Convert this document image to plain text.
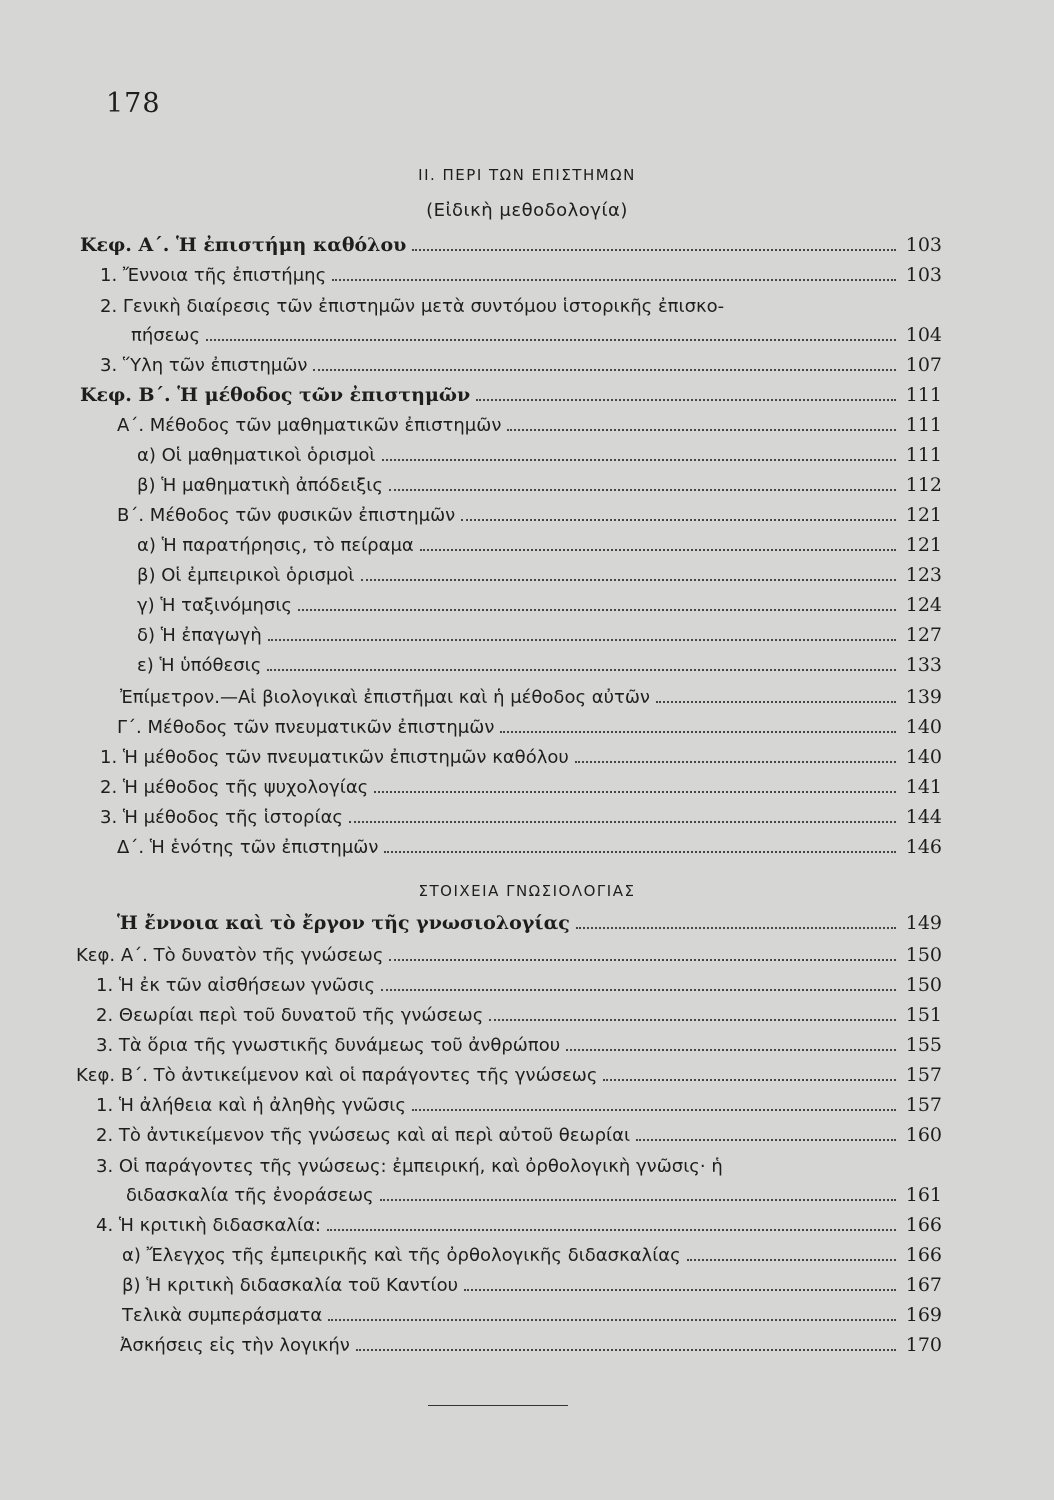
178
ΙΙ. ΠΕΡΙ ΤΩΝ ΕΠΙΣΤΗΜΩΝ
(Εἰδικὴ μεθοδολογία)
Κεφ. Α΄. Ἡ ἐπιστήμη καθόλου	103
1. Ἔννοια τῆς ἐπιστήμης	103
2. Γενικὴ διαίρεσις τῶν ἐπιστημῶν μετὰ συντόμου ἱστορικῆς ἐπισκο-
πήσεως	104
3. Ὕλη τῶν ἐπιστημῶν	107
Κεφ. Β΄. Ἡ μέθοδος τῶν ἐπιστημῶν	111
Α΄. Μέθοδος τῶν μαθηματικῶν ἐπιστημῶν	111
α) Οἱ μαθηματικοὶ ὁρισμοὶ	111
β) Ἡ μαθηματικὴ ἀπόδειξις	112
Β΄. Μέθοδος τῶν φυσικῶν ἐπιστημῶν	121
α) Ἡ παρατήρησις, τὸ πείραμα	121
β) Οἱ ἐμπειρικοὶ ὁρισμοὶ	123
γ) Ἡ ταξινόμησις	124
δ) Ἡ ἐπαγωγὴ	127
ε) Ἡ ὑπόθεσις	133
Ἐπίμετρον.—Αἱ βιολογικαὶ ἐπιστῆμαι καὶ ἡ μέθοδος αὐτῶν	139
Γ΄. Μέθοδος τῶν πνευματικῶν ἐπιστημῶν	140
1. Ἡ μέθοδος τῶν πνευματικῶν ἐπιστημῶν καθόλου	140
2. Ἡ μέθοδος τῆς ψυχολογίας	141
3. Ἡ μέθοδος τῆς ἱστορίας	144
Δ΄. Ἡ ἑνότης τῶν ἐπιστημῶν	146
ΣΤΟΙΧΕΙΑ ΓΝΩΣΙΟΛΟΓΙΑΣ
Ἡ ἔννοια καὶ τὸ ἔργον τῆς γνωσιολογίας	149
Κεφ. Α΄. Τὸ δυνατὸν τῆς γνώσεως	150
1. Ἡ ἐκ τῶν αἰσθήσεων γνῶσις	150
2. Θεωρίαι περὶ τοῦ δυνατοῦ τῆς γνώσεως	151
3. Τὰ ὅρια τῆς γνωστικῆς δυνάμεως τοῦ ἀνθρώπου	155
Κεφ. Β΄. Τὸ ἀντικείμενον καὶ οἱ παράγοντες τῆς γνώσεως	157
1. Ἡ ἀλήθεια καὶ ἡ ἀληθὴς γνῶσις	157
2. Τὸ ἀντικείμενον τῆς γνώσεως καὶ αἱ περὶ αὐτοῦ θεωρίαι	160
3. Οἱ παράγοντες τῆς γνώσεως: ἐμπειρική, καὶ ὀρθολογικὴ γνῶσις· ἡ
διδασκαλία τῆς ἐνοράσεως	161
4. Ἡ κριτικὴ διδασκαλία:	166
α) Ἔλεγχος τῆς ἐμπειρικῆς καὶ τῆς ὀρθολογικῆς διδασκαλίας	166
β) Ἡ κριτικὴ διδασκαλία τοῦ Καντίου	167
Τελικὰ συμπεράσματα	169
Ἀσκήσεις εἰς τὴν λογικήν	170
